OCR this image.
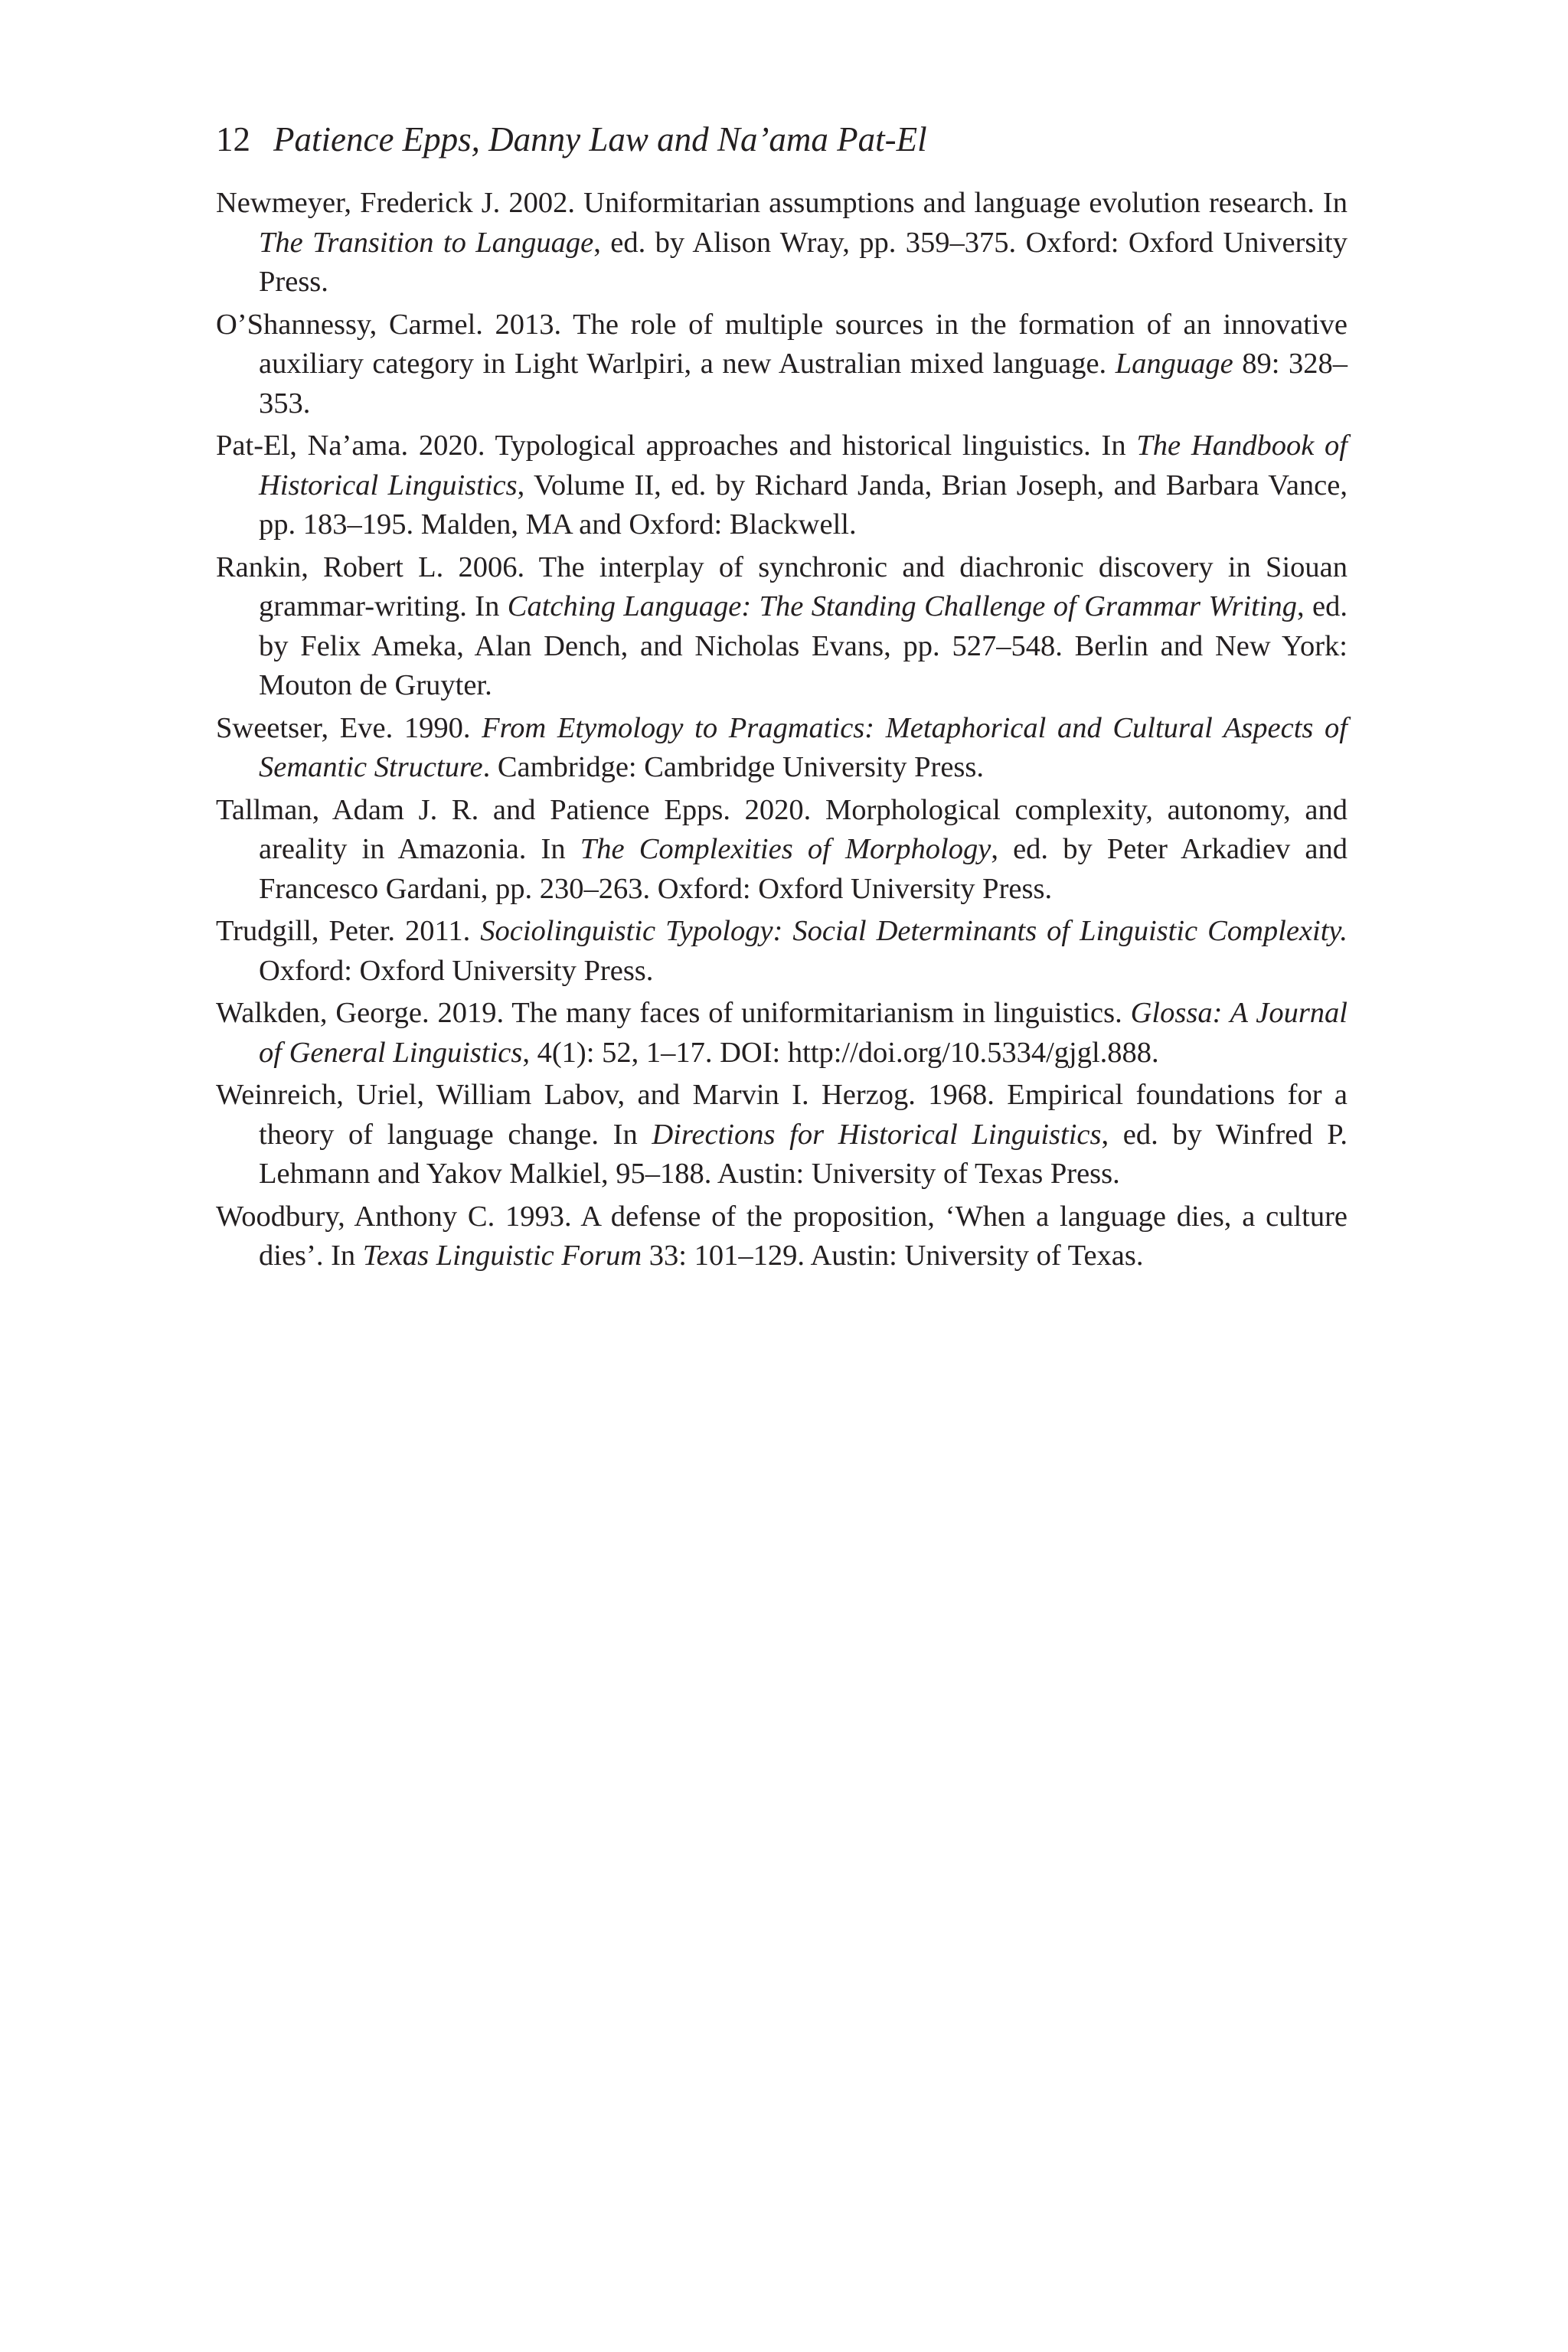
12 Patience Epps, Danny Law and Na’ama Pat-El

Newmeyer, Frederick J. 2002. Uniformitarian assumptions and language evolution research. In The Transition to Language, ed. by Alison Wray, pp. 359–375. Oxford: Oxford University Press.

O’Shannessy, Carmel. 2013. The role of multiple sources in the formation of an innovative auxiliary category in Light Warlpiri, a new Australian mixed language. Language 89: 328–353.

Pat-El, Na’ama. 2020. Typological approaches and historical linguistics. In The Handbook of Historical Linguistics, Volume II, ed. by Richard Janda, Brian Joseph, and Barbara Vance, pp. 183–195. Malden, MA and Oxford: Blackwell.

Rankin, Robert L. 2006. The interplay of synchronic and diachronic discovery in Siouan grammar-writing. In Catching Language: The Standing Challenge of Grammar Writing, ed. by Felix Ameka, Alan Dench, and Nicholas Evans, pp. 527–548. Berlin and New York: Mouton de Gruyter.

Sweetser, Eve. 1990. From Etymology to Pragmatics: Metaphorical and Cultural Aspects of Semantic Structure. Cambridge: Cambridge University Press.

Tallman, Adam J. R. and Patience Epps. 2020. Morphological complexity, autonomy, and areality in Amazonia. In The Complexities of Morphology, ed. by Peter Arkadiev and Francesco Gardani, pp. 230–263. Oxford: Oxford University Press.

Trudgill, Peter. 2011. Sociolinguistic Typology: Social Determinants of Linguistic Complexity. Oxford: Oxford University Press.

Walkden, George. 2019. The many faces of uniformitarianism in linguistics. Glossa: A Journal of General Linguistics, 4(1): 52, 1–17. DOI: http://doi.org/10.5334/gjgl.888.

Weinreich, Uriel, William Labov, and Marvin I. Herzog. 1968. Empirical foundations for a theory of language change. In Directions for Historical Linguistics, ed. by Winfred P. Lehmann and Yakov Malkiel, 95–188. Austin: University of Texas Press.

Woodbury, Anthony C. 1993. A defense of the proposition, ‘When a language dies, a culture dies’. In Texas Linguistic Forum 33: 101–129. Austin: University of Texas.
